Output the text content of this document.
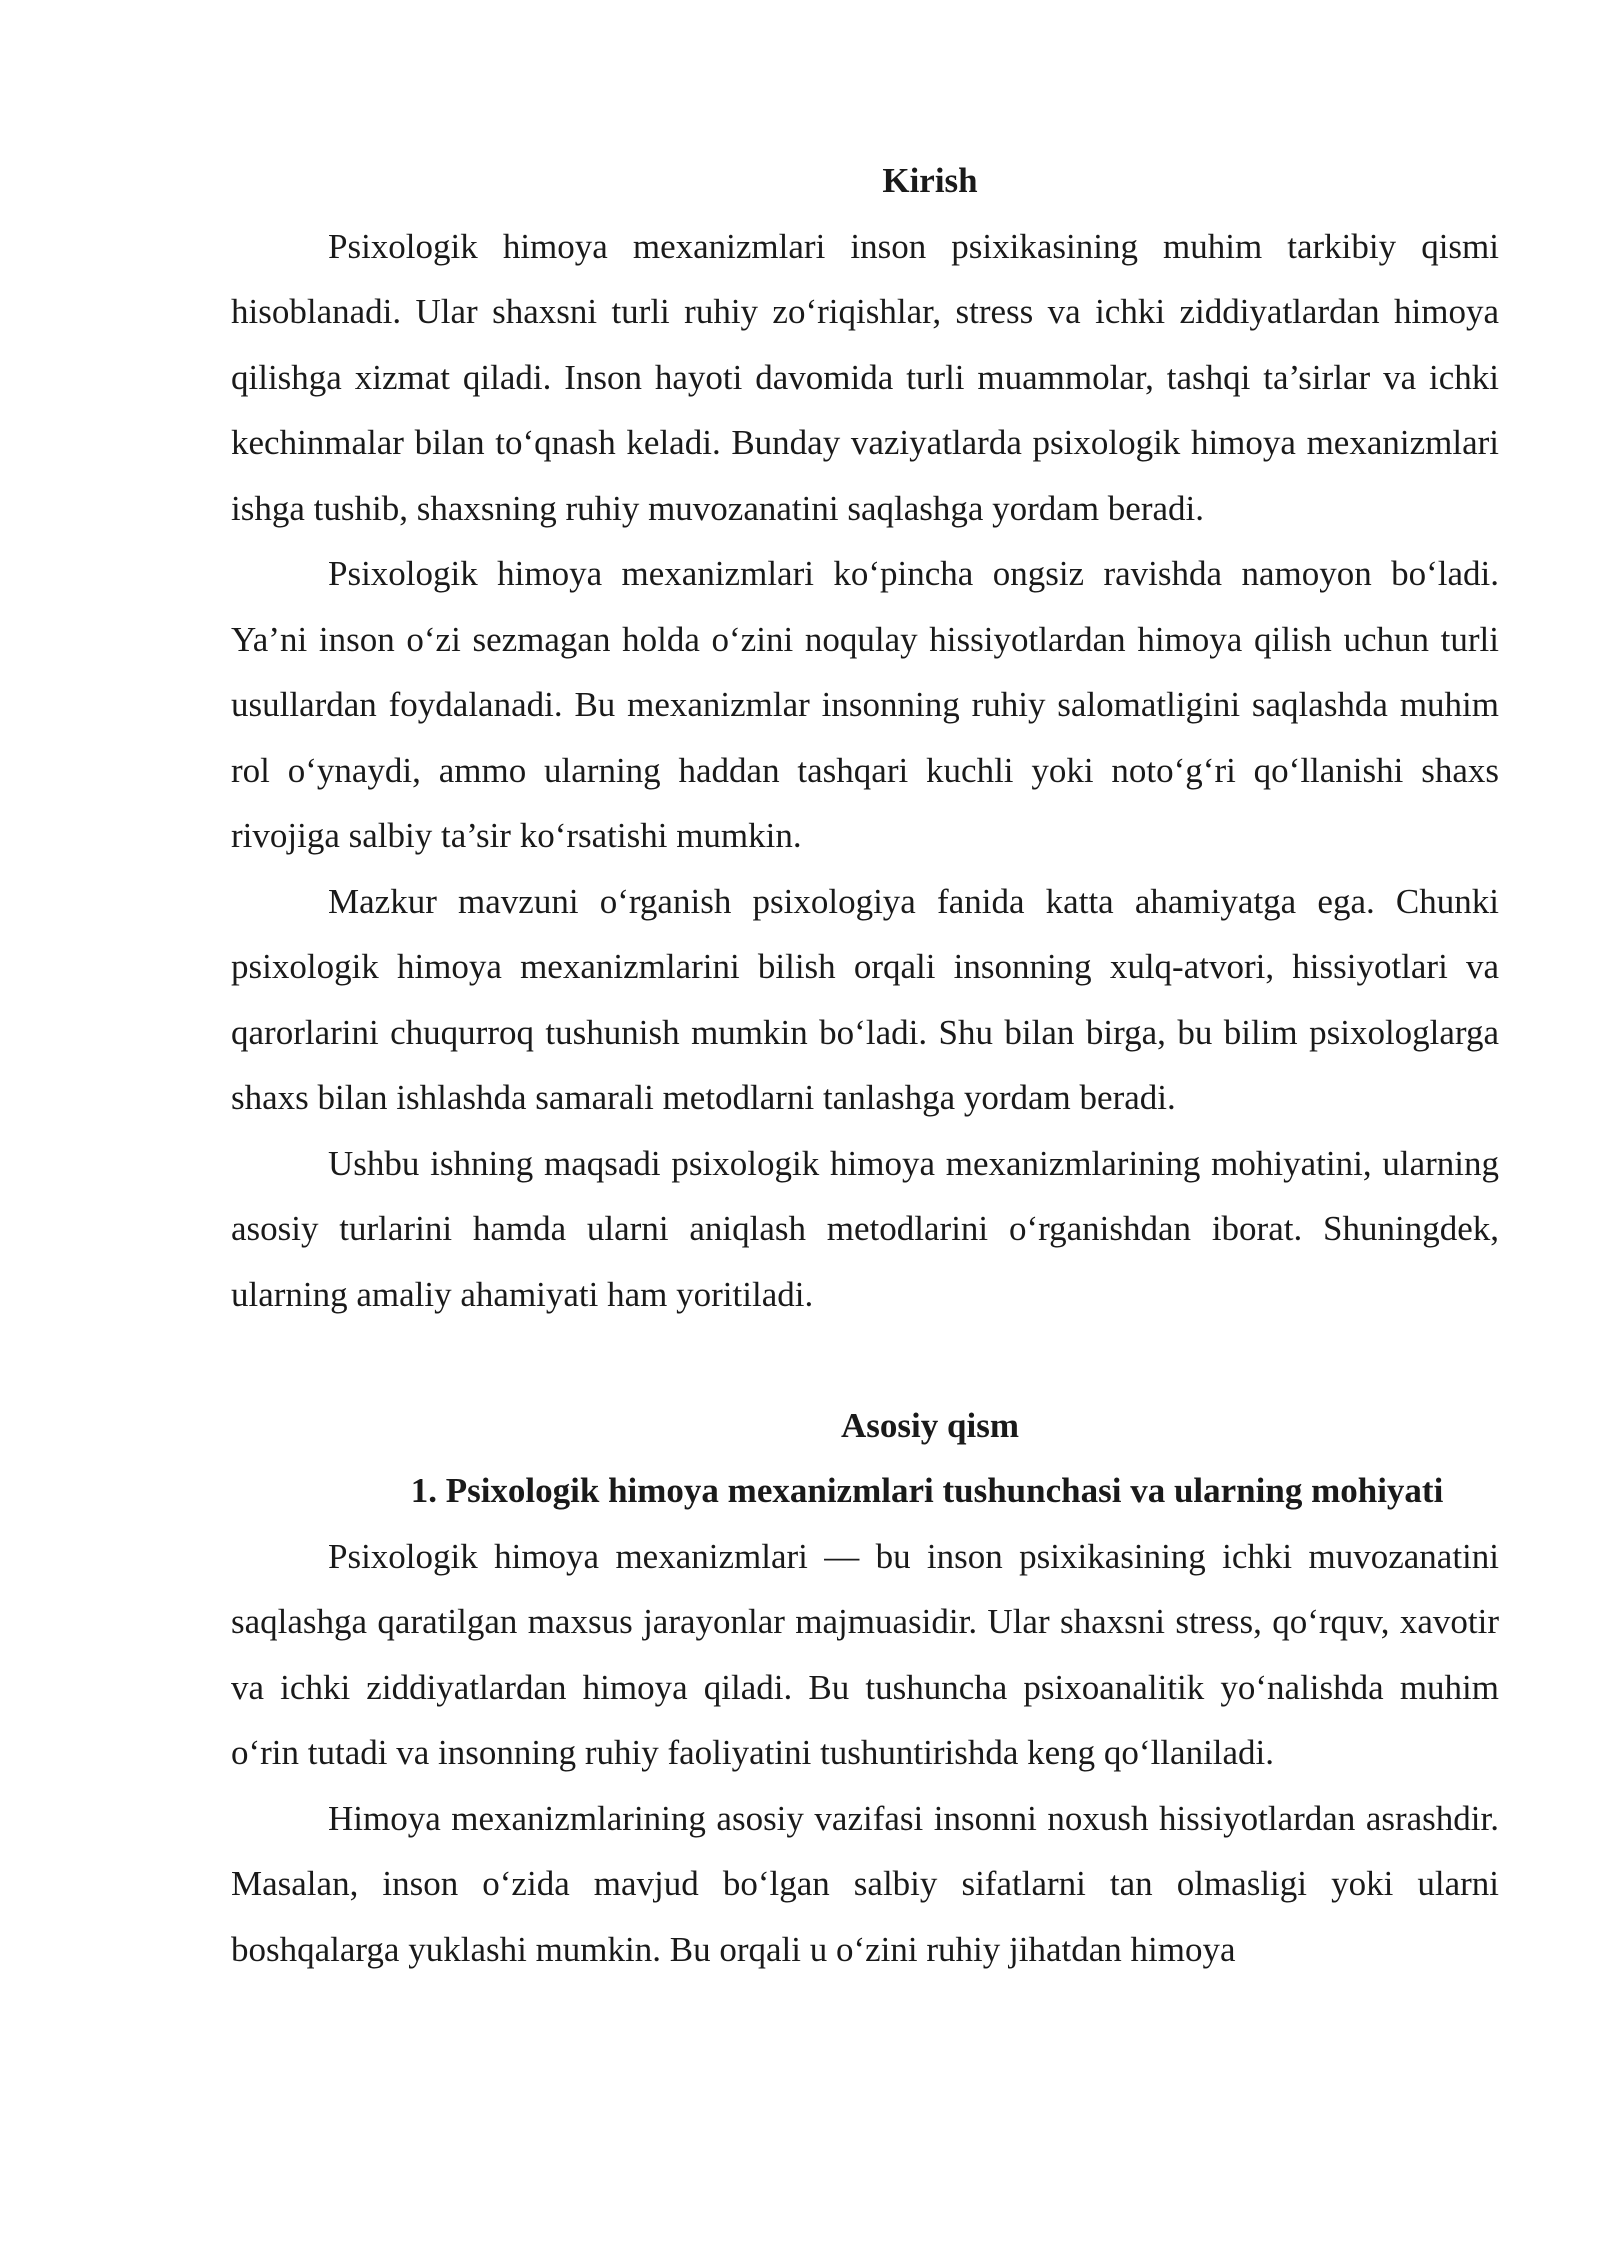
Kirish

Psixologik himoya mexanizmlari inson psixikasining muhim tarkibiy qismi hisoblanadi. Ular shaxsni turli ruhiy zo‘riqishlar, stress va ichki ziddiyatlardan himoya qilishga xizmat qiladi. Inson hayoti davomida turli muammolar, tashqi ta’sirlar va ichki kechinmalar bilan to‘qnash keladi. Bunday vaziyatlarda psixologik himoya mexanizmlari ishga tushib, shaxsning ruhiy muvozanatini saqlashga yordam beradi.

Psixologik himoya mexanizmlari ko‘pincha ongsiz ravishda namoyon bo‘ladi. Ya’ni inson o‘zi sezmagan holda o‘zini noqulay hissiyotlardan himoya qilish uchun turli usullardan foydalanadi. Bu mexanizmlar insonning ruhiy salomatligini saqlashda muhim rol o‘ynaydi, ammo ularning haddan tashqari kuchli yoki noto‘g‘ri qo‘llanishi shaxs rivojiga salbiy ta’sir ko‘rsatishi mumkin.

Mazkur mavzuni o‘rganish psixologiya fanida katta ahamiyatga ega. Chunki psixologik himoya mexanizmlarini bilish orqali insonning xulq-atvori, hissiyotlari va qarorlarini chuqurroq tushunish mumkin bo‘ladi. Shu bilan birga, bu bilim psixologlarga shaxs bilan ishlashda samarali metodlarni tanlashga yordam beradi.

Ushbu ishning maqsadi psixologik himoya mexanizmlarining mohiyatini, ularning asosiy turlarini hamda ularni aniqlash metodlarini o‘rganishdan iborat. Shuningdek, ularning amaliy ahamiyati ham yoritiladi.

Asosiy qism
1. Psixologik himoya mexanizmlari tushunchasi va ularning mohiyati

Psixologik himoya mexanizmlari — bu inson psixikasining ichki muvozanatini saqlashga qaratilgan maxsus jarayonlar majmuasidir. Ular shaxsni stress, qo‘rquv, xavotir va ichki ziddiyatlardan himoya qiladi. Bu tushuncha psixoanalitik yo‘nalishda muhim o‘rin tutadi va insonning ruhiy faoliyatini tushuntirishda keng qo‘llaniladi.

Himoya mexanizmlarining asosiy vazifasi insonni noxush hissiyotlardan asrashdir. Masalan, inson o‘zida mavjud bo‘lgan salbiy sifatlarni tan olmasligi yoki ularni boshqalarga yuklashi mumkin. Bu orqali u o‘zini ruhiy jihatdan himoya
